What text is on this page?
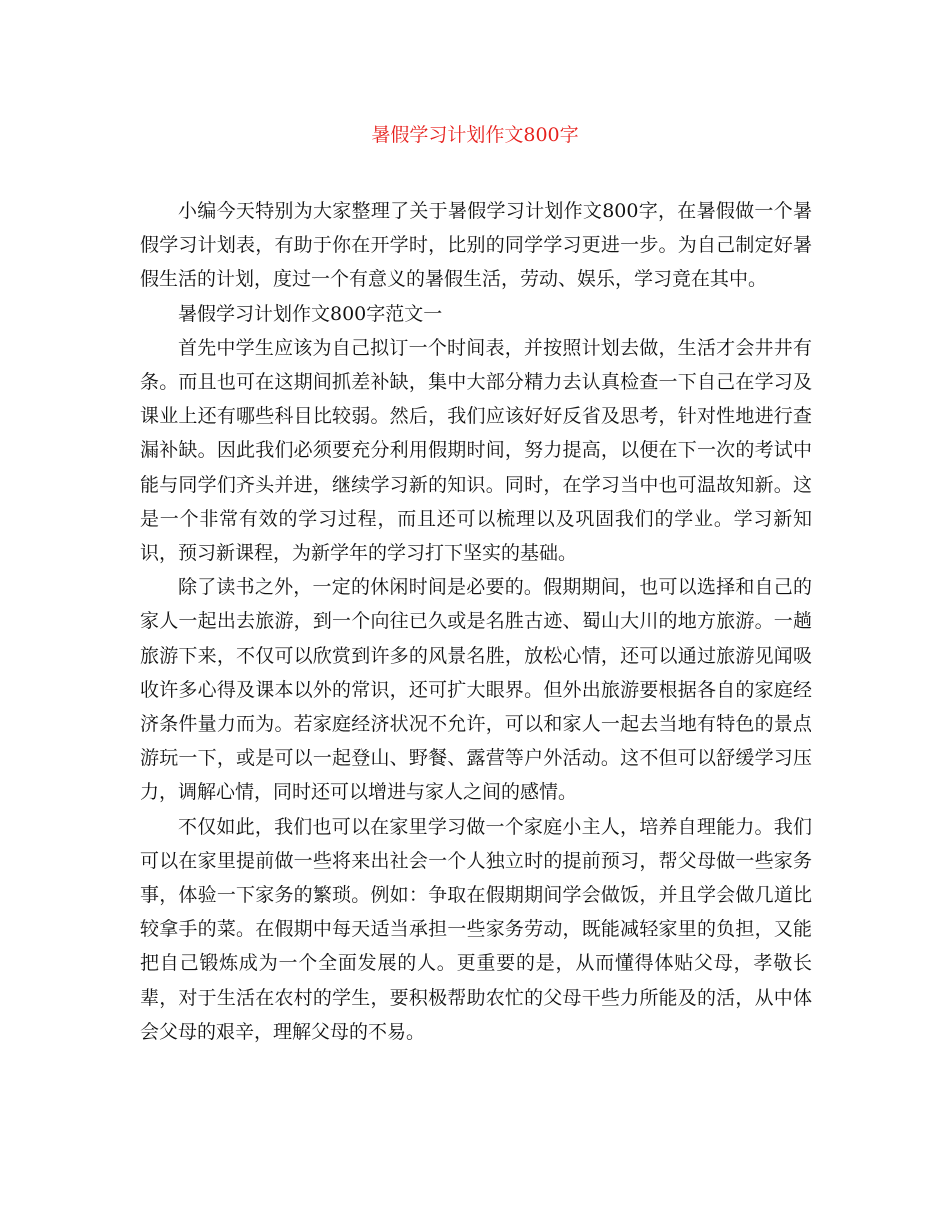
暑假学习计划作文800字

小编今天特别为大家整理了关于暑假学习计划作文800字，在暑假做一个暑假学习计划表，有助于你在开学时，比别的同学学习更进一步。为自己制定好暑假生活的计划，度过一个有意义的暑假生活，劳动、娱乐，学习竟在其中。

暑假学习计划作文800字范文一

首先中学生应该为自己拟订一个时间表，并按照计划去做，生活才会井井有条。而且也可在这期间抓差补缺，集中大部分精力去认真检查一下自己在学习及课业上还有哪些科目比较弱。然后，我们应该好好反省及思考，针对性地进行查漏补缺。因此我们必须要充分利用假期时间，努力提高，以便在下一次的考试中能与同学们齐头并进，继续学习新的知识。同时，在学习当中也可温故知新。这是一个非常有效的学习过程，而且还可以梳理以及巩固我们的学业。学习新知识，预习新课程，为新学年的学习打下坚实的基础。

除了读书之外，一定的休闲时间是必要的。假期期间，也可以选择和自己的家人一起出去旅游，到一个向往已久或是名胜古迹、蜀山大川的地方旅游。一趟旅游下来，不仅可以欣赏到许多的风景名胜，放松心情，还可以通过旅游见闻吸收许多心得及课本以外的常识，还可扩大眼界。但外出旅游要根据各自的家庭经济条件量力而为。若家庭经济状况不允许，可以和家人一起去当地有特色的景点游玩一下，或是可以一起登山、野餐、露营等户外活动。这不但可以舒缓学习压力，调解心情，同时还可以增进与家人之间的感情。

不仅如此，我们也可以在家里学习做一个家庭小主人，培养自理能力。我们可以在家里提前做一些将来出社会一个人独立时的提前预习，帮父母做一些家务事，体验一下家务的繁琐。例如：争取在假期期间学会做饭，并且学会做几道比较拿手的菜。在假期中每天适当承担一些家务劳动，既能减轻家里的负担，又能把自己锻炼成为一个全面发展的人。更重要的是，从而懂得体贴父母，孝敬长辈，对于生活在农村的学生，要积极帮助农忙的父母干些力所能及的活，从中体会父母的艰辛，理解父母的不易。
